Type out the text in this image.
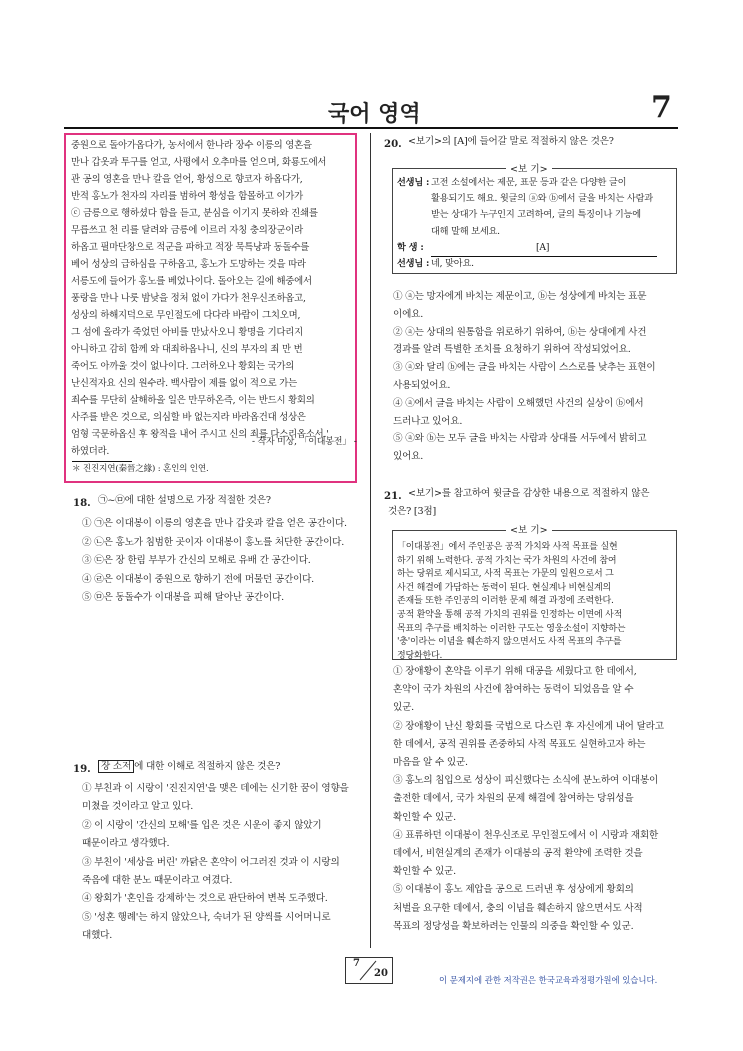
국어 영역	7
중원으로 돌아가옵다가, 농서에서 한나라 장수 이릉의 영혼을
만나 갑옷과 투구를 얻고, 사평에서 오추마를 얻으며, 화룡도에서
관 공의 영혼을 만나 칼을 얻어, 황성으로 향코자 하옵다가,
반적 홍노가 천자의 자리를 범하여 황성을 함몰하고 이가가
ⓒ 금릉으로 행하셨다 함을 듣고, 분심을 이기지 못하와 진쇄를
무릅쓰고 천 리를 달려와 금릉에 이르러 자칭 충의장군이라
하옵고 필마단창으로 적군을 파하고 적장 묵특냥과 동돌수를
베어 성상의 급하심을 구하옵고, 홍노가 도망하는 것을 따라
서릉도에 들어가 홍노를 베었나이다. 돌아오는 길에 해중에서
풍랑을 만나 나룻 밤낮을 정처 없이 가다가 천우신조하옵고,
성상의 하해지덕으로 무인절도에 다다라 바람이 그치오며,
그 섬에 올라가 죽었던 아비를 만났사오니 황명을 기다리지
아니하고 감히 함께 와 대죄하옵나니, 신의 부자의 죄 만 번
죽어도 아까울 것이 없나이다. 그러하오나 황회는 국가의
난신적자요 신의 원수라. 백사람이 제를 없이 적으로 가는
죄수를 무단히 살해하올 일은 만무하온즉, 이는 반드시 황회의
사주를 받은 것으로, 의심할 바 없는지라 바라옵건대 성상은
엄형 국문하옵신 후 왕적을 내어 주시고 신의 죄를 다스리옵소서.'
하였더라.
- 작자 미상, 「이대봉전」 -
＊ 진진지연(秦晉之緣) : 혼인의 인연.
18. ㉠~㉤에 대한 설명으로 가장 적절한 것은?
① ㉠은 이대봉이 이릉의 영혼을 만나 갑옷과 칼을 얻은 공간이다.
② ㉡은 홍노가 침범한 곳이자 이대봉이 홍노를 처단한 공간이다.
③ ㉢은 장 한림 부부가 간신의 모해로 유배 간 공간이다.
④ ㉣은 이대봉이 중원으로 향하기 전에 머물던 공간이다.
⑤ ㉤은 동돌수가 이대봉을 피해 달아난 공간이다.
19.	장 소저 에 대한 이해로 적절하지 않은 것은?
① 부친과 이 시랑이 '진진지연'을 맺은 데에는 신기한 꿈이 영향을
미쳤을 것이라고 알고 있다.
② 이 시랑이 '간신의 모해'를 입은 것은 시운이 좋지 않았기
때문이라고 생각했다.
③ 부친이 '세상을 버린' 까닭은 혼약이 어그러진 것과 이 시랑의
죽음에 대한 분노 때문이라고 여겼다.
④ 왕회가 '혼인을 강제하'는 것으로 판단하여 변복 도주했다.
⑤ '성혼 행례'는 하지 않았으나, 숙녀가 된 양씩를 시어머니로
대했다.
20. <보기>의 [A]에 들어갈 말로 적절하지 않은 것은?
<보 기>
선생님 : 고전 소설에서는 제문, 표문 등과 같은 다양한 글이
활용되기도 해요. 윗글의 ⓐ와 ⓑ에서 글을 바치는 사람과
받는 상대가 누구인지 고려하여, 글의 특징이나 기능에
대해 말해 보세요.
학 생 :	[A]
선생님 : 네, 맞아요.
① ⓐ는 망자에게 바치는 제문이고, ⓑ는 성상에게 바치는 표문
이에요.
② ⓐ는 상대의 원통함을 위로하기 위하여, ⓑ는 상대에게 사건
경과를 알려 특별한 조치를 요청하기 위하여 작성되었어요.
③ ⓐ와 달리 ⓑ에는 글을 바치는 사람이 스스로를 낮추는 표현이
사용되었어요.
④ ⓐ에서 글을 바치는 사람이 오해했던 사건의 실상이 ⓑ에서
드러나고 있어요.
⑤ ⓐ와 ⓑ는 모두 글을 바치는 사람과 상대를 서두에서 밝히고
있어요.
21. <보기>를 참고하여 윗글을 감상한 내용으로 적절하지 않은
것은? [3점]
<보 기>
「이대봉전」에서 주인공은 공적 가치와 사적 목표를 실현
하기 위해 노력한다. 공적 가치는 국가 차원의 사건에 참여
하는 당위로 제시되고, 사적 목표는 가문의 일원으로서 그
사건 해결에 가담하는 동력이 된다. 현실계나 비현실계의
존재들 또한 주인공의 이러한 문제 해결 과정에 조력한다.
공적 환약을 통해 공적 가치의 권위를 인정하는 이면에 사적
목표의 추구를 배치하는 이러한 구도는 영웅소설이 지향하는
'충'이라는 이념을 훼손하지 않으면서도 사적 목표의 추구를
정당화한다.
① 장애황이 혼약을 이루기 위해 대공을 세웠다고 한 데에서,
혼약이 국가 차원의 사건에 참여하는 동력이 되었음을 알 수
있군.
② 장애황이 난신 황회를 국법으로 다스린 후 자신에게 내어 달라고
한 데에서, 공적 권위를 존중하되 사적 목표도 실현하고자 하는
마음을 알 수 있군.
③ 홍노의 침입으로 성상이 피신했다는 소식에 분노하여 이대봉이
출전한 데에서, 국가 차원의 문제 해결에 참여하는 당위성을
확인할 수 있군.
④ 표류하던 이대봉이 천우신조로 무인절도에서 이 시랑과 재회한
데에서, 비현실계의 존재가 이대봉의 공적 환약에 조력한 것을
확인할 수 있군.
⑤ 이대봉이 홍노 제압을 공으로 드러낸 후 성상에게 황회의
처벌을 요구한 데에서, 충의 이념을 훼손하지 않으면서도 사적
목표의 정당성을 확보하려는 인물의 의중을 확인할 수 있군.
7
20
이 문제지에 관한 저작권은 한국교육과정평가원에 있습니다.
